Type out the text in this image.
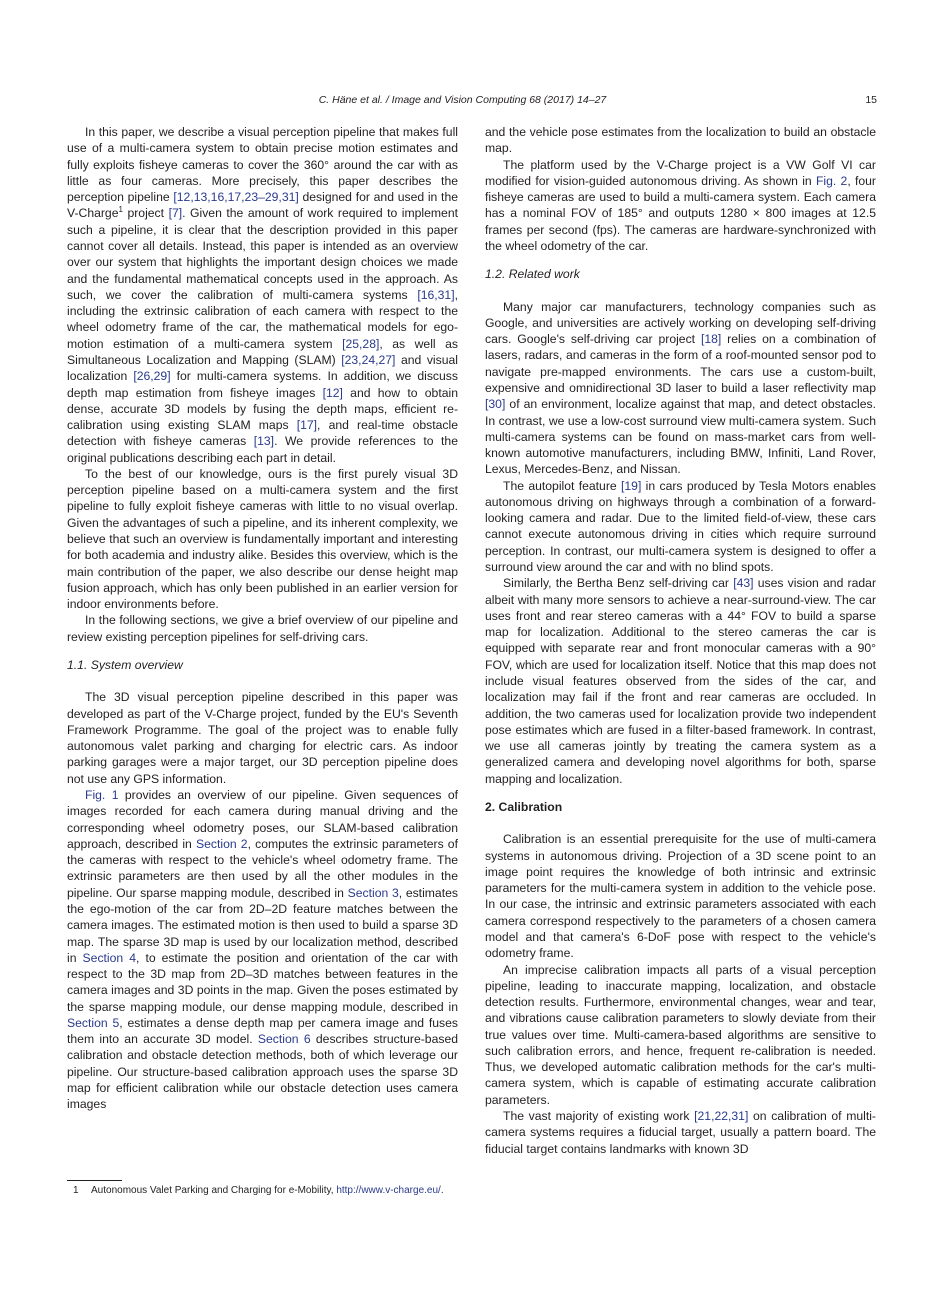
C. Häne et al. / Image and Vision Computing 68 (2017) 14–27	15

In this paper, we describe a visual perception pipeline that makes full use of a multi-camera system to obtain precise motion estimates and fully exploits fisheye cameras to cover the 360° around the car with as little as four cameras. More precisely, this paper describes the perception pipeline [12,13,16,17,23–29,31] designed for and used in the V-Charge$^1$ project [7]. Given the amount of work required to implement such a pipeline, it is clear that the description provided in this paper cannot cover all details. Instead, this paper is intended as an overview over our system that highlights the important design choices we made and the fundamental mathematical concepts used in the approach. As such, we cover the calibration of multi-camera systems [16,31], including the extrinsic calibration of each camera with respect to the wheel odometry frame of the car, the mathematical models for ego-motion estimation of a multi-camera system [25,28], as well as Simultaneous Localization and Mapping (SLAM) [23,24,27] and visual localization [26,29] for multi-camera systems. In addition, we discuss depth map estimation from fisheye images [12] and how to obtain dense, accurate 3D models by fusing the depth maps, efficient re-calibration using existing SLAM maps [17], and real-time obstacle detection with fisheye cameras [13]. We provide references to the original publications describing each part in detail.

To the best of our knowledge, ours is the first purely visual 3D perception pipeline based on a multi-camera system and the first pipeline to fully exploit fisheye cameras with little to no visual overlap. Given the advantages of such a pipeline, and its inherent complexity, we believe that such an overview is fundamentally important and interesting for both academia and industry alike. Besides this overview, which is the main contribution of the paper, we also describe our dense height map fusion approach, which has only been published in an earlier version for indoor environments before.

In the following sections, we give a brief overview of our pipeline and review existing perception pipelines for self-driving cars.

1.1. System overview

The 3D visual perception pipeline described in this paper was developed as part of the V-Charge project, funded by the EU's Seventh Framework Programme. The goal of the project was to enable fully autonomous valet parking and charging for electric cars. As indoor parking garages were a major target, our 3D perception pipeline does not use any GPS information.

Fig. 1 provides an overview of our pipeline. Given sequences of images recorded for each camera during manual driving and the corresponding wheel odometry poses, our SLAM-based calibration approach, described in Section 2, computes the extrinsic parameters of the cameras with respect to the vehicle's wheel odometry frame. The extrinsic parameters are then used by all the other modules in the pipeline. Our sparse mapping module, described in Section 3, estimates the ego-motion of the car from 2D–2D feature matches between the camera images. The estimated motion is then used to build a sparse 3D map. The sparse 3D map is used by our localization method, described in Section 4, to estimate the position and orientation of the car with respect to the 3D map from 2D–3D matches between features in the camera images and 3D points in the map. Given the poses estimated by the sparse mapping module, our dense mapping module, described in Section 5, estimates a dense depth map per camera image and fuses them into an accurate 3D model. Section 6 describes structure-based calibration and obstacle detection methods, both of which leverage our pipeline. Our structure-based calibration approach uses the sparse 3D map for efficient calibration while our obstacle detection uses camera images

and the vehicle pose estimates from the localization to build an obstacle map.

The platform used by the V-Charge project is a VW Golf VI car modified for vision-guided autonomous driving. As shown in Fig. 2, four fisheye cameras are used to build a multi-camera system. Each camera has a nominal FOV of 185° and outputs 1280 × 800 images at 12.5 frames per second (fps). The cameras are hardware-synchronized with the wheel odometry of the car.

1.2. Related work

Many major car manufacturers, technology companies such as Google, and universities are actively working on developing self-driving cars. Google's self-driving car project [18] relies on a combination of lasers, radars, and cameras in the form of a roof-mounted sensor pod to navigate pre-mapped environments. The cars use a custom-built, expensive and omnidirectional 3D laser to build a laser reflectivity map [30] of an environment, localize against that map, and detect obstacles. In contrast, we use a low-cost surround view multi-camera system. Such multi-camera systems can be found on mass-market cars from well-known automotive manufacturers, including BMW, Infiniti, Land Rover, Lexus, Mercedes-Benz, and Nissan.

The autopilot feature [19] in cars produced by Tesla Motors enables autonomous driving on highways through a combination of a forward-looking camera and radar. Due to the limited field-of-view, these cars cannot execute autonomous driving in cities which require surround perception. In contrast, our multi-camera system is designed to offer a surround view around the car and with no blind spots.

Similarly, the Bertha Benz self-driving car [43] uses vision and radar albeit with many more sensors to achieve a near-surround-view. The car uses front and rear stereo cameras with a 44° FOV to build a sparse map for localization. Additional to the stereo cameras the car is equipped with separate rear and front monocular cameras with a 90° FOV, which are used for localization itself. Notice that this map does not include visual features observed from the sides of the car, and localization may fail if the front and rear cameras are occluded. In addition, the two cameras used for localization provide two independent pose estimates which are fused in a filter-based framework. In contrast, we use all cameras jointly by treating the camera system as a generalized camera and developing novel algorithms for both, sparse mapping and localization.

2. Calibration

Calibration is an essential prerequisite for the use of multi-camera systems in autonomous driving. Projection of a 3D scene point to an image point requires the knowledge of both intrinsic and extrinsic parameters for the multi-camera system in addition to the vehicle pose. In our case, the intrinsic and extrinsic parameters associated with each camera correspond respectively to the parameters of a chosen camera model and that camera's 6-DoF pose with respect to the vehicle's odometry frame.

An imprecise calibration impacts all parts of a visual perception pipeline, leading to inaccurate mapping, localization, and obstacle detection results. Furthermore, environmental changes, wear and tear, and vibrations cause calibration parameters to slowly deviate from their true values over time. Multi-camera-based algorithms are sensitive to such calibration errors, and hence, frequent re-calibration is needed. Thus, we developed automatic calibration methods for the car's multi-camera system, which is capable of estimating accurate calibration parameters.

The vast majority of existing work [21,22,31] on calibration of multi-camera systems requires a fiducial target, usually a pattern board. The fiducial target contains landmarks with known 3D

1 Autonomous Valet Parking and Charging for e-Mobility, http://www.v-charge.eu/.
